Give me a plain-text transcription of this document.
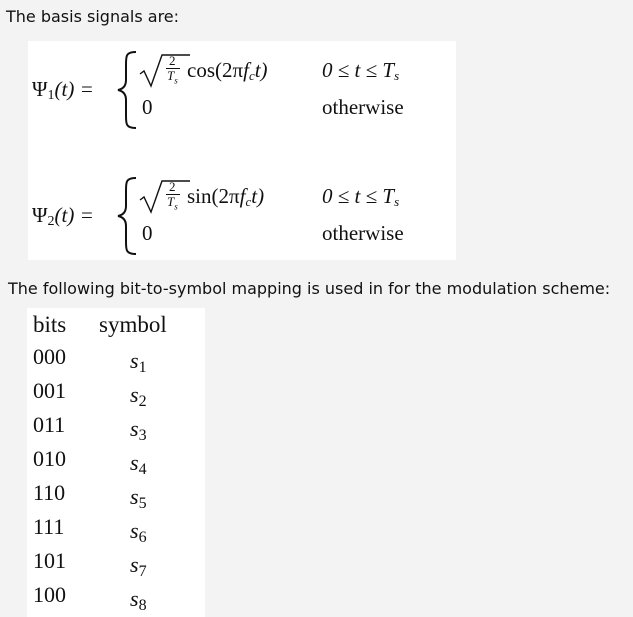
The basis signals are:
$\Psi_1(t)$ =
2
$T_s$ $\cos(2\pi f_ct)$
0
$0 \le t \le T_s$
otherwise
$\Psi_2(t)$ =
2
$T_s$ $\sin(2\pi f_ct)$
0
$0 \le t \le T_s$
otherwise
The following bit-to-symbol mapping is used in for the modulation scheme:
bits symbol
000	$s_1$
001	$s_2$
011	$s_3$
010	$s_4$
110	$s_5$
111	$s_6$
101	$s_7$
100	$s_8$
